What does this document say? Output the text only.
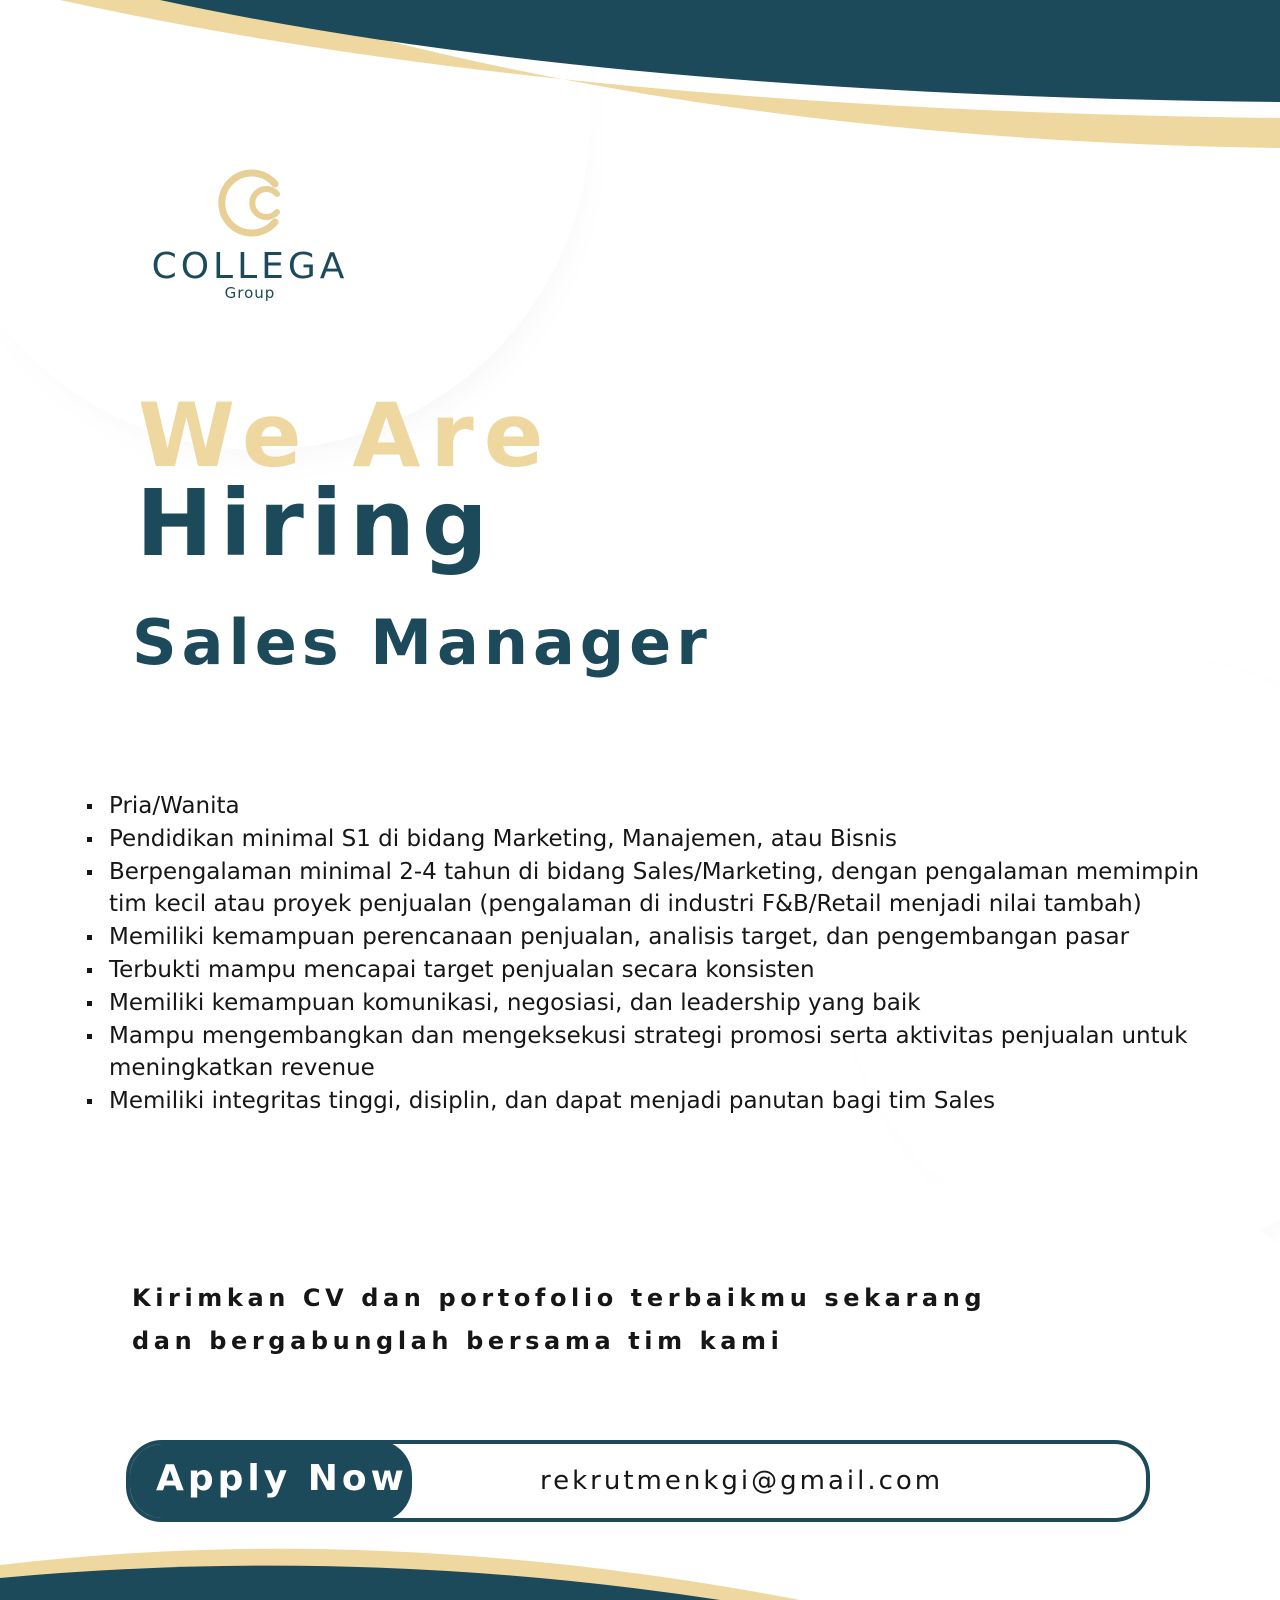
COLLEGA
Group
We Are
Hiring
Sales Manager
Pria/Wanita
Pendidikan minimal S1 di bidang Marketing, Manajemen, atau Bisnis
Berpengalaman minimal 2-4 tahun di bidang Sales/Marketing, dengan pengalaman memimpin tim kecil atau proyek penjualan (pengalaman di industri F&B/Retail menjadi nilai tambah)
Memiliki kemampuan perencanaan penjualan, analisis target, dan pengembangan pasar
Terbukti mampu mencapai target penjualan secara konsisten
Memiliki kemampuan komunikasi, negosiasi, dan leadership yang baik
Mampu mengembangkan dan mengeksekusi strategi promosi serta aktivitas penjualan untuk meningkatkan revenue
Memiliki integritas tinggi, disiplin, dan dapat menjadi panutan bagi tim Sales
Kirimkan CV dan portofolio terbaikmu sekarang
dan bergabunglah bersama tim kami
Apply Now	rekrutmenkgi@gmail.com
